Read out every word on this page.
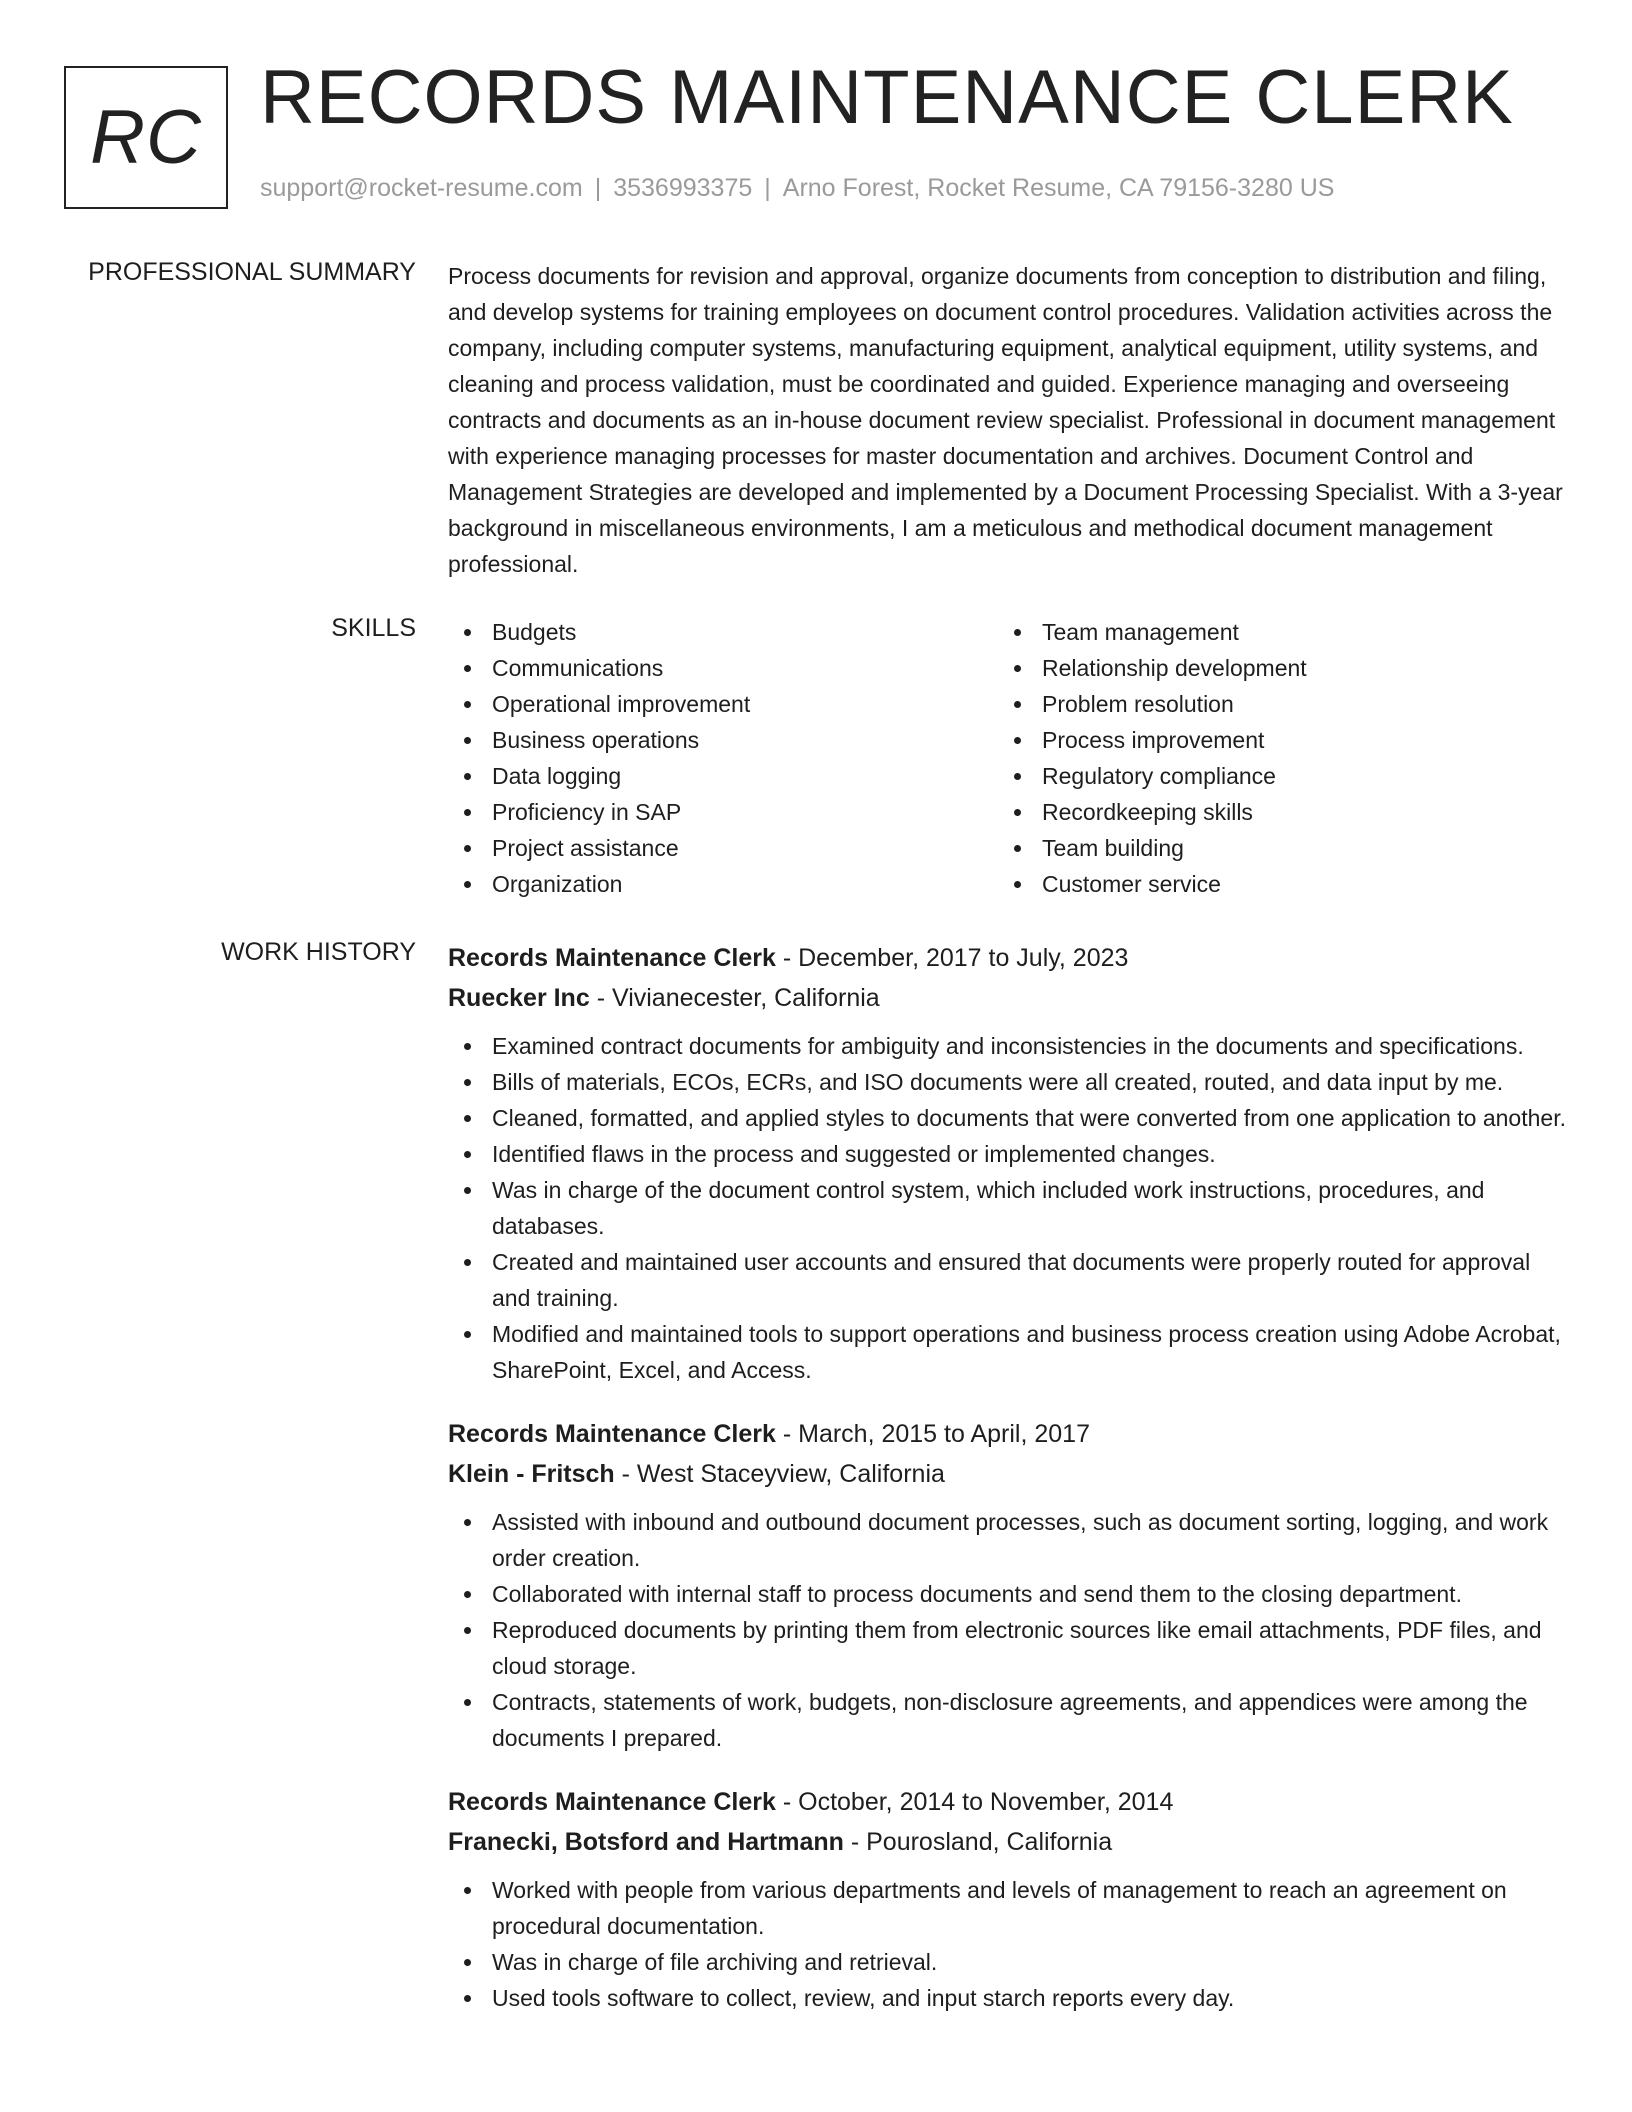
RC RECORDS MAINTENANCE CLERK
support@rocket-resume.com | 3536993375 | Arno Forest, Rocket Resume, CA 79156-3280 US
PROFESSIONAL SUMMARY Process documents for revision and approval, organize documents from conception to distribution and filing, and develop systems for training employees on document control procedures. Validation activities across the company, including computer systems, manufacturing equipment, analytical equipment, utility systems, and cleaning and process validation, must be coordinated and guided. Experience managing and overseeing contracts and documents as an in-house document review specialist. Professional in document management with experience managing processes for master documentation and archives. Document Control and Management Strategies are developed and implemented by a Document Processing Specialist. With a 3-year background in miscellaneous environments, I am a meticulous and methodical document management professional.
SKILLS	Budgets
Communications
Operational improvement
Business operations
Data logging
Proficiency in SAP
Project assistance
Organization
Team management
Relationship development
Problem resolution
Process improvement
Regulatory compliance
Recordkeeping skills
Team building
Customer service
WORK HISTORY Records Maintenance Clerk - December, 2017 to July, 2023
Ruecker Inc - Vivianecester, California
Examined contract documents for ambiguity and inconsistencies in the documents and specifications.
Bills of materials, ECOs, ECRs, and ISO documents were all created, routed, and data input by me.
Cleaned, formatted, and applied styles to documents that were converted from one application to another.
Identified flaws in the process and suggested or implemented changes.
Was in charge of the document control system, which included work instructions, procedures, and databases.
Created and maintained user accounts and ensured that documents were properly routed for approval and training.
Modified and maintained tools to support operations and business process creation using Adobe Acrobat, SharePoint, Excel, and Access.
Records Maintenance Clerk - March, 2015 to April, 2017
Klein - Fritsch - West Staceyview, California
Assisted with inbound and outbound document processes, such as document sorting, logging, and work order creation.
Collaborated with internal staff to process documents and send them to the closing department.
Reproduced documents by printing them from electronic sources like email attachments, PDF files, and cloud storage.
Contracts, statements of work, budgets, non-disclosure agreements, and appendices were among the documents I prepared.
Records Maintenance Clerk - October, 2014 to November, 2014
Franecki, Botsford and Hartmann - Pourosland, California
Worked with people from various departments and levels of management to reach an agreement on procedural documentation.
Was in charge of file archiving and retrieval.
Used tools software to collect, review, and input starch reports every day.
